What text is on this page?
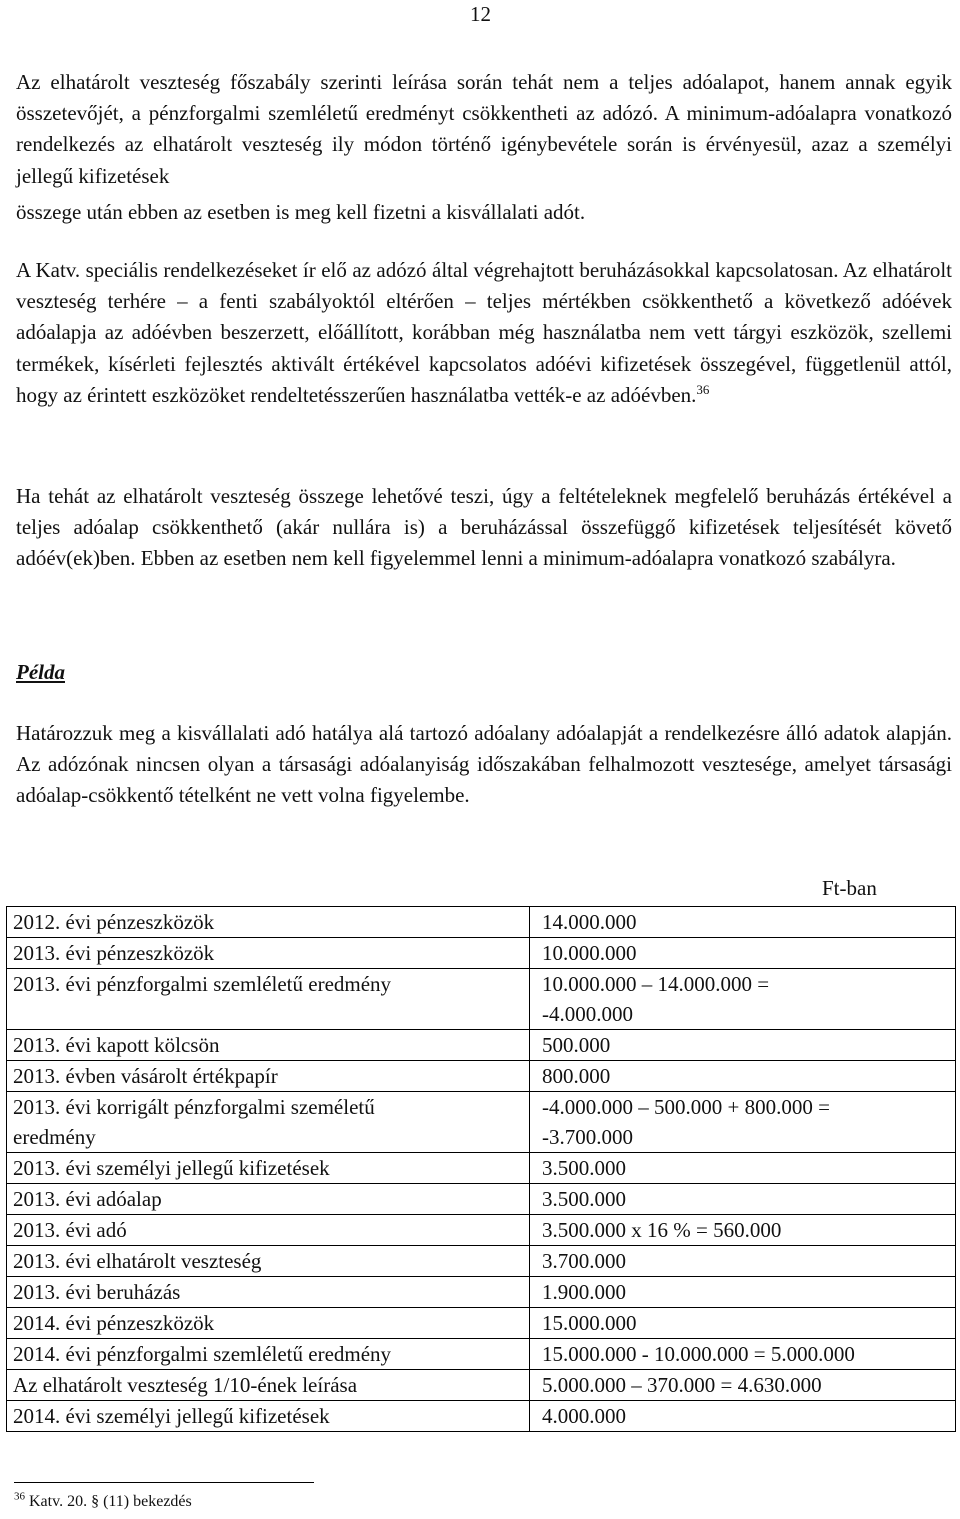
12

Az elhatárolt veszteség főszabály szerinti leírása során tehát nem a teljes adóalapot, hanem annak egyik összetevőjét, a pénzforgalmi szemléletű eredményt csökkentheti az adózó. A minimum-adóalapra vonatkozó rendelkezés az elhatárolt veszteség ily módon történő igénybevétele során is érvényesül, azaz a személyi jellegű kifizetések

összege után ebben az esetben is meg kell fizetni a kisvállalati adót.

A Katv. speciális rendelkezéseket ír elő az adózó által végrehajtott beruházásokkal kapcsolatosan. Az elhatárolt veszteség terhére – a fenti szabályoktól eltérően – teljes mértékben csökkenthető a következő adóévek adóalapja az adóévben beszerzett, előállított, korábban még használatba nem vett tárgyi eszközök, szellemi termékek, kísérleti fejlesztés aktivált értékével kapcsolatos adóévi kifizetések összegével, függetlenül attól, hogy az érintett eszközöket rendeltetésszerűen használatba vették-e az adóévben.$^{36}$

Ha tehát az elhatárolt veszteség összege lehetővé teszi, úgy a feltételeknek megfelelő beruházás értékével a teljes adóalap csökkenthető (akár nullára is) a beruházással összefüggő kifizetések teljesítését követő adóév(ek)ben. Ebben az esetben nem kell figyelemmel lenni a minimum-adóalapra vonatkozó szabályra.

Példa

Határozzuk meg a kisvállalati adó hatálya alá tartozó adóalany adóalapját a rendelkezésre álló adatok alapján. Az adózónak nincsen olyan a társasági adóalanyiság időszakában felhalmozott vesztesége, amelyet társasági adóalap-csökkentő tételként ne vett volna figyelembe.

Ft-ban
2012. évi pénzeszközök	14.000.000

2013. évi pénzeszközök	10.000.000

2013. évi pénzforgalmi szemléletű eredmény	10.000.000 – 14.000.000 =
-4.000.000

2013. évi kapott kölcsön	500.000

2013. évben vásárolt értékpapír	800.000

2013. évi korrigált pénzforgalmi személetű
eredmény	-4.000.000 – 500.000 + 800.000 =
-3.700.000

2013. évi személyi jellegű kifizetések	3.500.000

2013. évi adóalap	3.500.000

2013. évi adó	3.500.000 x 16 % = 560.000

2013. évi elhatárolt veszteség	3.700.000

2013. évi beruházás	1.900.000

2014. évi pénzeszközök	15.000.000

2014. évi pénzforgalmi szemléletű eredmény	15.000.000 - 10.000.000 = 5.000.000

Az elhatárolt veszteség 1/10-ének leírása	5.000.000 – 370.000 = 4.630.000

2014. évi személyi jellegű kifizetések	4.000.000
$^{36}$ Katv. 20. § (11) bekezdés
